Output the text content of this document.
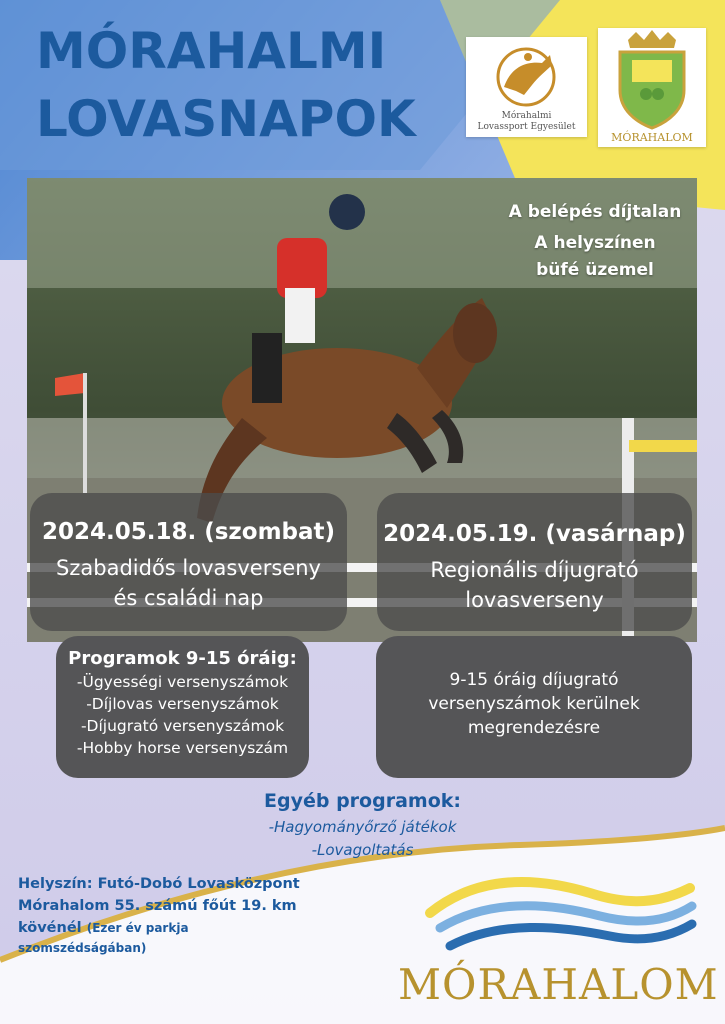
MÓRAHALMI
LOVASNAPOK	Mórahalmi
Lovassport Egyesület
MÓRAHALOM
A belépés díjtalan
A helyszínen
büfé üzemel
2024.05.18. (szombat)
Szabadidős lovasverseny
és családi nap
2024.05.19. (vasárnap)
Regionális díjugrató
lovasverseny
Programok 9-15 óráig:
-Ügyességi versenyszámok
-Díjlovas versenyszámok
-Díjugrató versenyszámok
-Hobby horse versenyszám
9-15 óráig díjugrató
versenyszámok kerülnek
megrendezésre
Egyéb programok:
-Hagyományőrző játékok
-Lovagoltatás
Helyszín: Futó-Dobó Lovasközpont
Mórahalom 55. számú főút 19. km
kövénél (Ezer év parkja
szomszédságában)
MÓRAHALOM
